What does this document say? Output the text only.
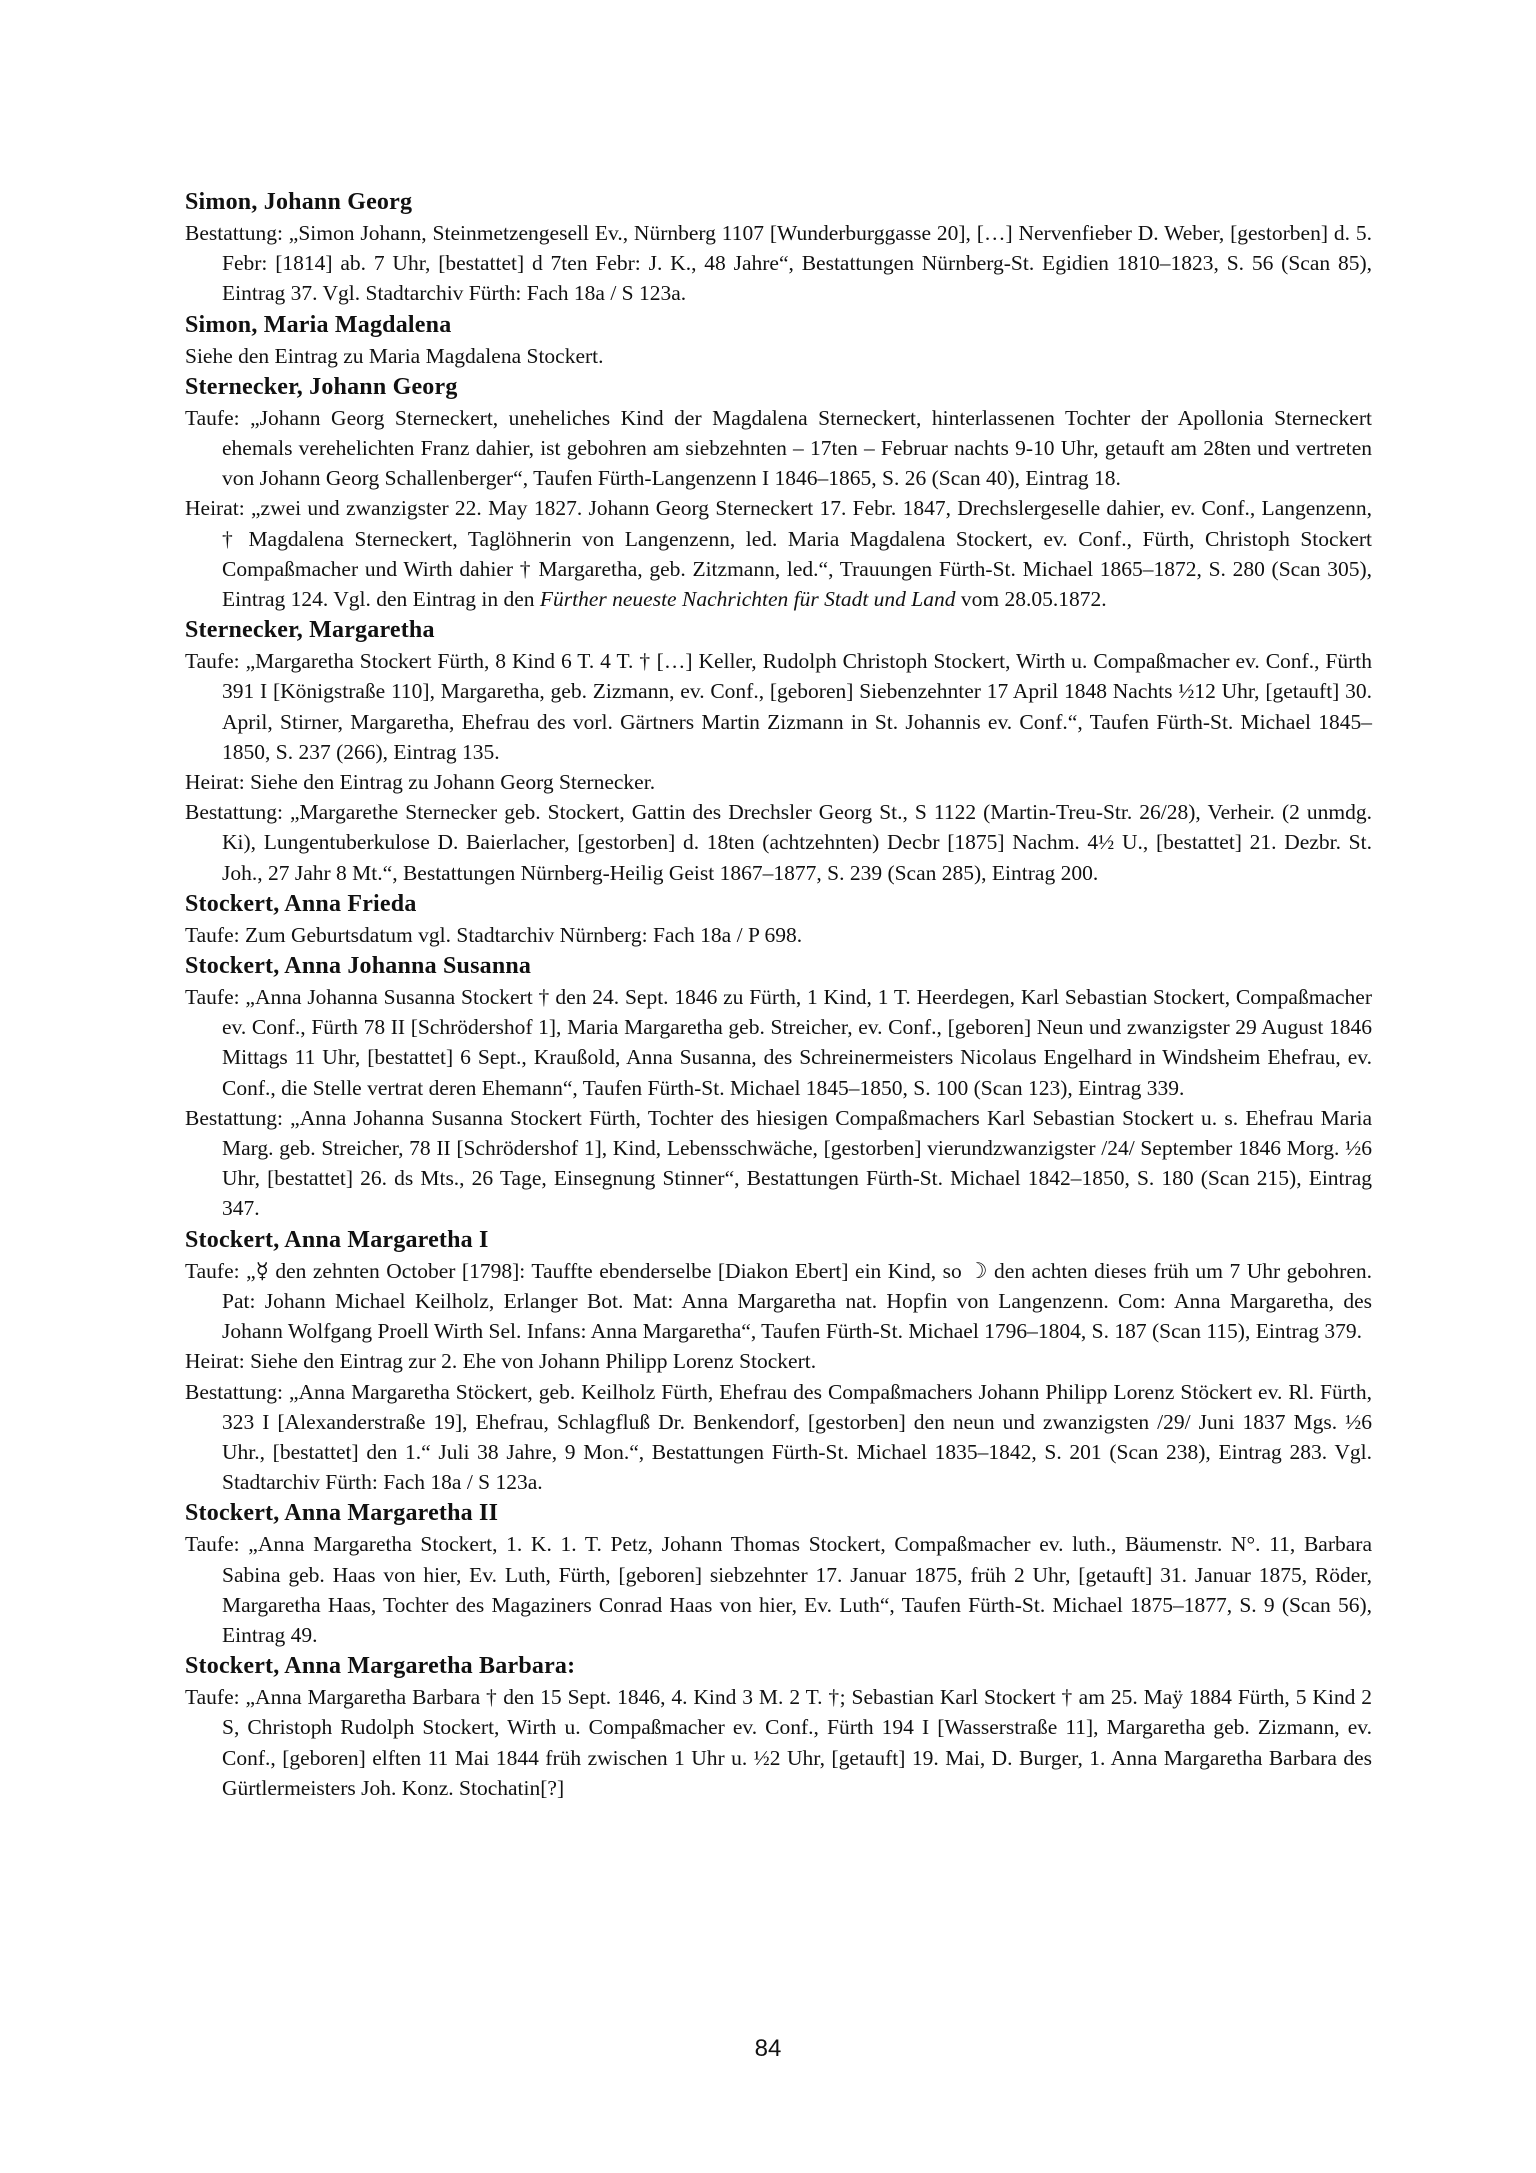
Simon, Johann Georg

Bestattung: „Simon Johann, Steinmetzengesell Ev., Nürnberg 1107 [Wunderburggasse 20], […] Nervenfieber D. Weber, [gestorben] d. 5. Febr: [1814] ab. 7 Uhr, [bestattet] d 7ten Febr: J. K., 48 Jahre“, Bestattungen Nürnberg-St. Egidien 1810–1823, S. 56 (Scan 85), Eintrag 37. Vgl. Stadtarchiv Fürth: Fach 18a / S 123a.

Simon, Maria Magdalena

Siehe den Eintrag zu Maria Magdalena Stockert.

Sternecker, Johann Georg

Taufe: „Johann Georg Sterneckert, uneheliches Kind der Magdalena Sterneckert, hinterlassenen Tochter der Apollonia Sterneckert ehemals verehelichten Franz dahier, ist gebohren am siebzehnten – 17ten – Februar nachts 9-10 Uhr, getauft am 28ten und vertreten von Johann Georg Schallenberger“, Taufen Fürth-Langenzenn I 1846–1865, S. 26 (Scan 40), Eintrag 18.

Heirat: „zwei und zwanzigster 22. May 1827. Johann Georg Sterneckert 17. Febr. 1847, Drechslergeselle dahier, ev. Conf., Langenzenn, † Magdalena Sterneckert, Taglöhnerin von Langenzenn, led. Maria Magdalena Stockert, ev. Conf., Fürth, Christoph Stockert Compaßmacher und Wirth dahier † Margaretha, geb. Zitzmann, led.“, Trauungen Fürth-St. Michael 1865–1872, S. 280 (Scan 305), Eintrag 124. Vgl. den Eintrag in den Fürther neueste Nachrichten für Stadt und Land vom 28.05.1872.

Sternecker, Margaretha

Taufe: „Margaretha Stockert Fürth, 8 Kind 6 T. 4 T. † […] Keller, Rudolph Christoph Stockert, Wirth u. Compaßmacher ev. Conf., Fürth 391 I [Königstraße 110], Margaretha, geb. Zizmann, ev. Conf., [geboren] Siebenzehnter 17 April 1848 Nachts ½12 Uhr, [getauft] 30. April, Stirner, Margaretha, Ehefrau des vorl. Gärtners Martin Zizmann in St. Johannis ev. Conf.“, Taufen Fürth-St. Michael 1845–1850, S. 237 (266), Eintrag 135.

Heirat: Siehe den Eintrag zu Johann Georg Sternecker.

Bestattung: „Margarethe Sternecker geb. Stockert, Gattin des Drechsler Georg St., S 1122 (Martin-Treu-Str. 26/28), Verheir. (2 unmdg. Ki), Lungentuberkulose D. Baierlacher, [gestorben] d. 18ten (achtzehnten) Decbr [1875] Nachm. 4½ U., [bestattet] 21. Dezbr. St. Joh., 27 Jahr 8 Mt.“, Bestattungen Nürnberg-Heilig Geist 1867–1877, S. 239 (Scan 285), Eintrag 200.

Stockert, Anna Frieda

Taufe: Zum Geburtsdatum vgl. Stadtarchiv Nürnberg: Fach 18a / P 698.

Stockert, Anna Johanna Susanna

Taufe: „Anna Johanna Susanna Stockert † den 24. Sept. 1846 zu Fürth, 1 Kind, 1 T. Heerdegen, Karl Sebastian Stockert, Compaßmacher ev. Conf., Fürth 78 II [Schrödershof 1], Maria Margaretha geb. Streicher, ev. Conf., [geboren] Neun und zwanzigster 29 August 1846 Mittags 11 Uhr, [bestattet] 6 Sept., Kraußold, Anna Susanna, des Schreinermeisters Nicolaus Engelhard in Windsheim Ehefrau, ev. Conf., die Stelle vertrat deren Ehemann“, Taufen Fürth-St. Michael 1845–1850, S. 100 (Scan 123), Eintrag 339.

Bestattung: „Anna Johanna Susanna Stockert Fürth, Tochter des hiesigen Compaßmachers Karl Sebastian Stockert u. s. Ehefrau Maria Marg. geb. Streicher, 78 II [Schrödershof 1], Kind, Lebensschwäche, [gestorben] vierundzwanzigster /24/ September 1846 Morg. ½6 Uhr, [bestattet] 26. ds Mts., 26 Tage, Einsegnung Stinner“, Bestattungen Fürth-St. Michael 1842–1850, S. 180 (Scan 215), Eintrag 347.

Stockert, Anna Margaretha I

Taufe: „☿ den zehnten October [1798]: Tauffte ebenderselbe [Diakon Ebert] ein Kind, so ☽ den achten dieses früh um 7 Uhr gebohren. Pat: Johann Michael Keilholz, Erlanger Bot. Mat: Anna Margaretha nat. Hopfin von Langenzenn. Com: Anna Margaretha, des Johann Wolfgang Proell Wirth Sel. Infans: Anna Margaretha“, Taufen Fürth-St. Michael 1796–1804, S. 187 (Scan 115), Eintrag 379.

Heirat: Siehe den Eintrag zur 2. Ehe von Johann Philipp Lorenz Stockert.

Bestattung: „Anna Margaretha Stöckert, geb. Keilholz Fürth, Ehefrau des Compaßmachers Johann Philipp Lorenz Stöckert ev. Rl. Fürth, 323 I [Alexanderstraße 19], Ehefrau, Schlagfluß Dr. Benkendorf, [gestorben] den neun und zwanzigsten /29/ Juni 1837 Mgs. ½6 Uhr., [bestattet] den 1.“ Juli 38 Jahre, 9 Mon.“, Bestattungen Fürth-St. Michael 1835–1842, S. 201 (Scan 238), Eintrag 283. Vgl. Stadtarchiv Fürth: Fach 18a / S 123a.

Stockert, Anna Margaretha II

Taufe: „Anna Margaretha Stockert, 1. K. 1. T. Petz, Johann Thomas Stockert, Compaßmacher ev. luth., Bäumenstr. N°. 11, Barbara Sabina geb. Haas von hier, Ev. Luth, Fürth, [geboren] siebzehnter 17. Januar 1875, früh 2 Uhr, [getauft] 31. Januar 1875, Röder, Margaretha Haas, Tochter des Magaziners Conrad Haas von hier, Ev. Luth“, Taufen Fürth-St. Michael 1875–1877, S. 9 (Scan 56), Eintrag 49.

Stockert, Anna Margaretha Barbara:

Taufe: „Anna Margaretha Barbara † den 15 Sept. 1846, 4. Kind 3 M. 2 T. †; Sebastian Karl Stockert † am 25. Maÿ 1884 Fürth, 5 Kind 2 S, Christoph Rudolph Stockert, Wirth u. Compaßmacher ev. Conf., Fürth 194 I [Wasserstraße 11], Margaretha geb. Zizmann, ev. Conf., [geboren] elften 11 Mai 1844 früh zwischen 1 Uhr u. ½2 Uhr, [getauft] 19. Mai, D. Burger, 1. Anna Margaretha Barbara des Gürtlermeisters Joh. Konz. Stochatin[?]

84
